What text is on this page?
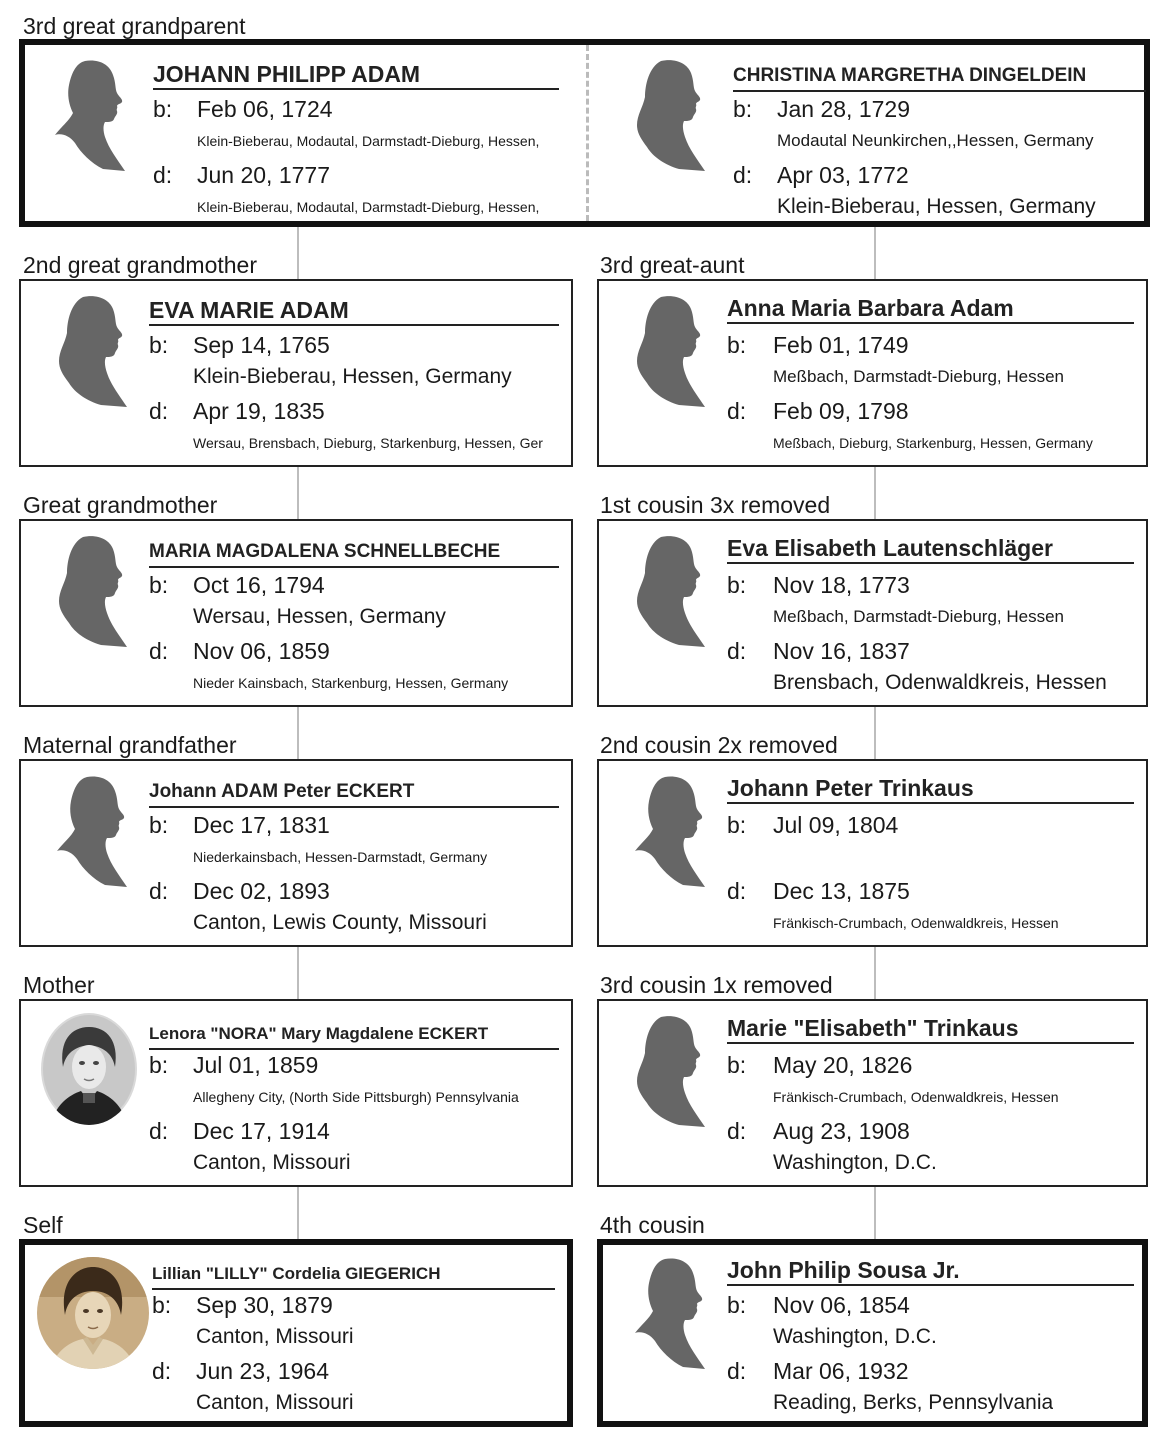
3rd great grandparent
JOHANN PHILIPP ADAM
b: Feb 06, 1724
Klein-Bieberau, Modautal, Darmstadt-Dieburg, Hessen,
d: Jun 20, 1777
Klein-Bieberau, Modautal, Darmstadt-Dieburg, Hessen,
CHRISTINA MARGRETHA DINGELDEIN
b: Jan 28, 1729
Modautal Neunkirchen,,Hessen, Germany
d: Apr 03, 1772
Klein-Bieberau, Hessen, Germany
2nd great grandmother	3rd great-aunt
EVA MARIE ADAM
b: Sep 14, 1765
Klein-Bieberau, Hessen, Germany
d: Apr 19, 1835
Wersau, Brensbach, Dieburg, Starkenburg, Hessen, Ger
Anna Maria Barbara Adam
b: Feb 01, 1749
Meßbach, Darmstadt-Dieburg, Hessen
d: Feb 09, 1798
Meßbach, Dieburg, Starkenburg, Hessen, Germany
Great grandmother	1st cousin 3x removed
MARIA MAGDALENA SCHNELLBECHE
b: Oct 16, 1794
Wersau, Hessen, Germany
d: Nov 06, 1859
Nieder Kainsbach, Starkenburg, Hessen, Germany
Eva Elisabeth Lautenschläger
b: Nov 18, 1773
Meßbach, Darmstadt-Dieburg, Hessen
d: Nov 16, 1837
Brensbach, Odenwaldkreis, Hessen
Maternal grandfather	2nd cousin 2x removed
Johann ADAM Peter ECKERT
b: Dec 17, 1831
Niederkainsbach, Hessen-Darmstadt, Germany
d: Dec 02, 1893
Canton, Lewis County, Missouri
Johann Peter Trinkaus
b: Jul 09, 1804
d: Dec 13, 1875
Fränkisch-Crumbach, Odenwaldkreis, Hessen
Mother	3rd cousin 1x removed
Lenora "NORA" Mary Magdalene ECKERT
b: Jul 01, 1859
Allegheny City, (North Side Pittsburgh) Pennsylvania
d: Dec 17, 1914
Canton, Missouri
Marie "Elisabeth" Trinkaus
b: May 20, 1826
Fränkisch-Crumbach, Odenwaldkreis, Hessen
d: Aug 23, 1908
Washington, D.C.
Self	4th cousin
Lillian "LILLY" Cordelia GIEGERICH
b: Sep 30, 1879
Canton, Missouri
d: Jun 23, 1964
Canton, Missouri
John Philip Sousa Jr.
b: Nov 06, 1854
Washington, D.C.
d: Mar 06, 1932
Reading, Berks, Pennsylvania
